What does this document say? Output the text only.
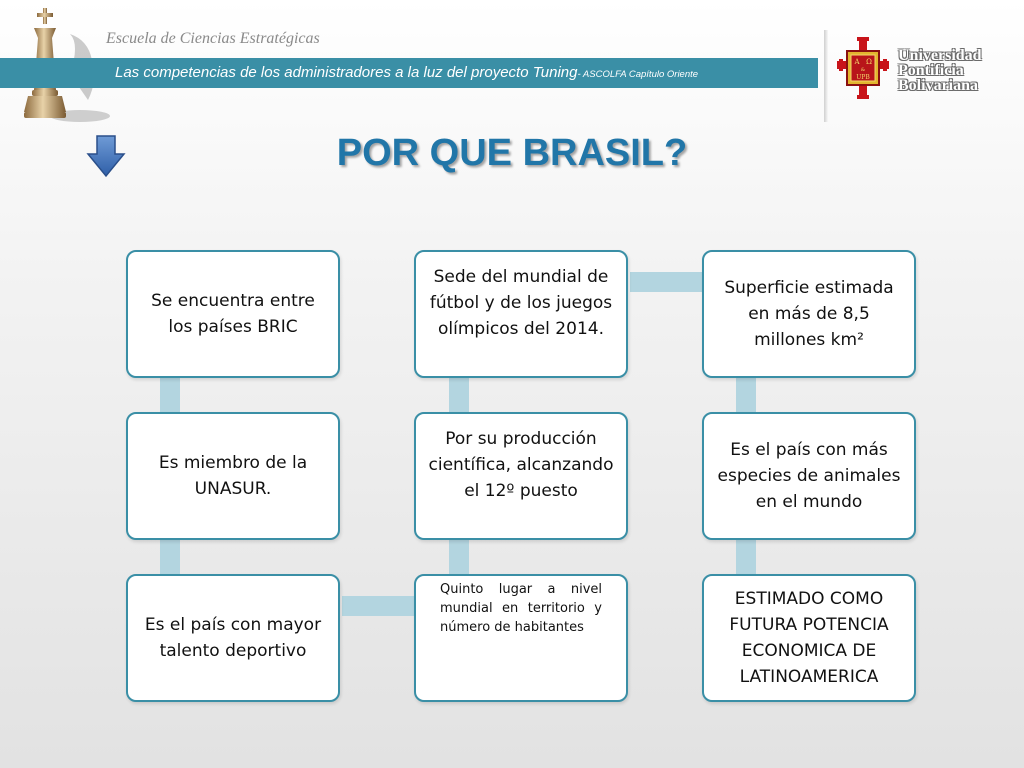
Escuela de Ciencias Estratégicas
Las competencias de los administradores a la luz del proyecto Tuning- ASCOLFA Capítulo Oriente
A Ω
&
UPB
Universidad
Pontificia
Bolivariana
POR QUE BRASIL?
Se encuentra entre los países BRIC
Es miembro de la UNASUR.
Es el país con mayor talento deportivo
Quinto lugar a nivel mundial en territorio y número de habitantes
Por su producción científica, alcanzando el 12º puesto
Sede del mundial de fútbol y de los juegos olímpicos del 2014.
Superficie estimada en más de 8,5 millones km²
Es el país con más especies de animales en el mundo
ESTIMADO COMO FUTURA POTENCIA ECONOMICA DE LATINOAMERICA
